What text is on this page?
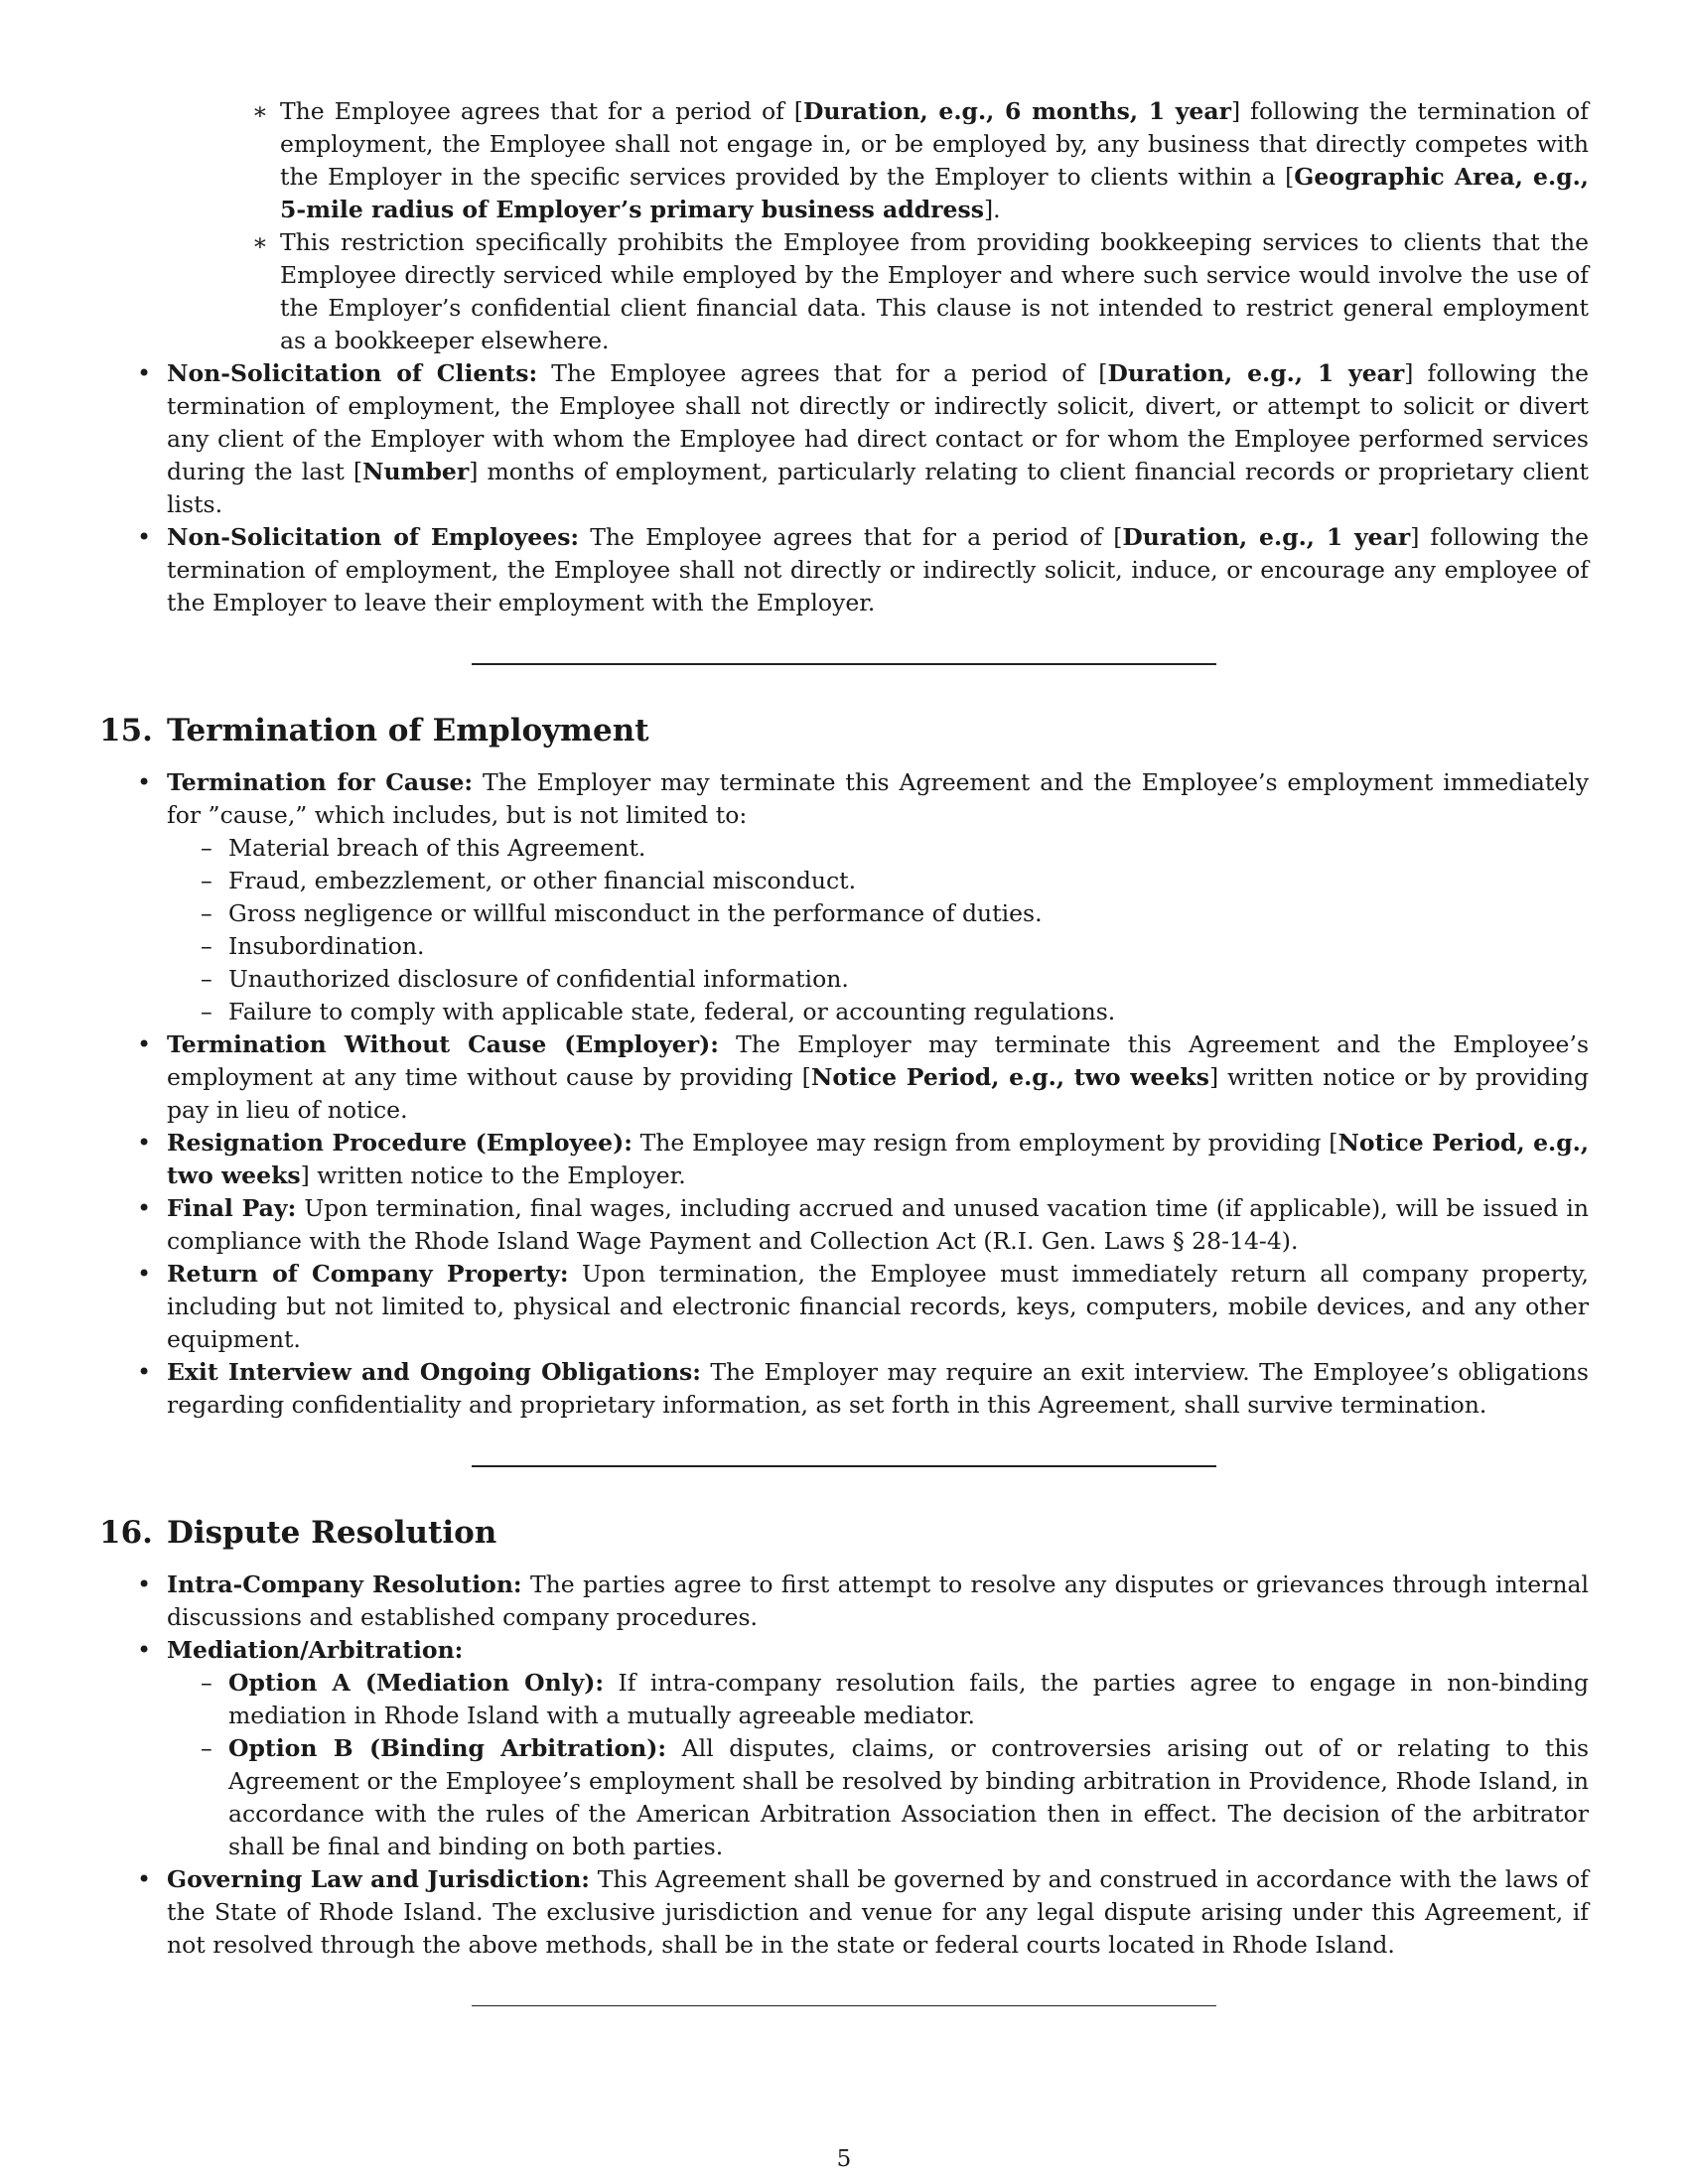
∗ The Employee agrees that for a period of [Duration, e.g., 6 months, 1 year] following the termination of employment, the Employee shall not engage in, or be employed by, any business that directly competes with the Employer in the specific services provided by the Employer to clients within a [Geographic Area, e.g., 5-mile radius of Employer’s primary business address].
∗ This restriction specifically prohibits the Employee from providing bookkeeping services to clients that the Employee directly serviced while employed by the Employer and where such service would involve the use of the Employer’s confidential client financial data. This clause is not intended to restrict general employment as a bookkeeper elsewhere.
• Non-Solicitation of Clients: The Employee agrees that for a period of [Duration, e.g., 1 year] following the termination of employment, the Employee shall not directly or indirectly solicit, divert, or attempt to solicit or divert any client of the Employer with whom the Employee had direct contact or for whom the Employee performed services during the last [Number] months of employment, particularly relating to client financial records or proprietary client lists.
• Non-Solicitation of Employees: The Employee agrees that for a period of [Duration, e.g., 1 year] following the termination of employment, the Employee shall not directly or indirectly solicit, induce, or encourage any employee of the Employer to leave their employment with the Employer.
15. Termination of Employment
• Termination for Cause: The Employer may terminate this Agreement and the Employee’s employment immediately for ”cause,” which includes, but is not limited to:
– Material breach of this Agreement.
– Fraud, embezzlement, or other financial misconduct.
– Gross negligence or willful misconduct in the performance of duties.
– Insubordination.
– Unauthorized disclosure of confidential information.
– Failure to comply with applicable state, federal, or accounting regulations.
• Termination Without Cause (Employer): The Employer may terminate this Agreement and the Employee’s employment at any time without cause by providing [Notice Period, e.g., two weeks] written notice or by providing pay in lieu of notice.
• Resignation Procedure (Employee): The Employee may resign from employment by providing [Notice Period, e.g., two weeks] written notice to the Employer.
• Final Pay: Upon termination, final wages, including accrued and unused vacation time (if applicable), will be issued in compliance with the Rhode Island Wage Payment and Collection Act (R.I. Gen. Laws § 28-14-4).
• Return of Company Property: Upon termination, the Employee must immediately return all company property, including but not limited to, physical and electronic financial records, keys, computers, mobile devices, and any other equipment.
• Exit Interview and Ongoing Obligations: The Employer may require an exit interview. The Employee’s obligations regarding confidentiality and proprietary information, as set forth in this Agreement, shall survive termination.
16. Dispute Resolution
• Intra-Company Resolution: The parties agree to first attempt to resolve any disputes or grievances through internal discussions and established company procedures.
• Mediation/Arbitration:
– Option A (Mediation Only): If intra-company resolution fails, the parties agree to engage in non-binding mediation in Rhode Island with a mutually agreeable mediator.
– Option B (Binding Arbitration): All disputes, claims, or controversies arising out of or relating to this Agreement or the Employee’s employment shall be resolved by binding arbitration in Providence, Rhode Island, in accordance with the rules of the American Arbitration Association then in effect. The decision of the arbitrator shall be final and binding on both parties.
• Governing Law and Jurisdiction: This Agreement shall be governed by and construed in accordance with the laws of the State of Rhode Island. The exclusive jurisdiction and venue for any legal dispute arising under this Agreement, if not resolved through the above methods, shall be in the state or federal courts located in Rhode Island.
5
